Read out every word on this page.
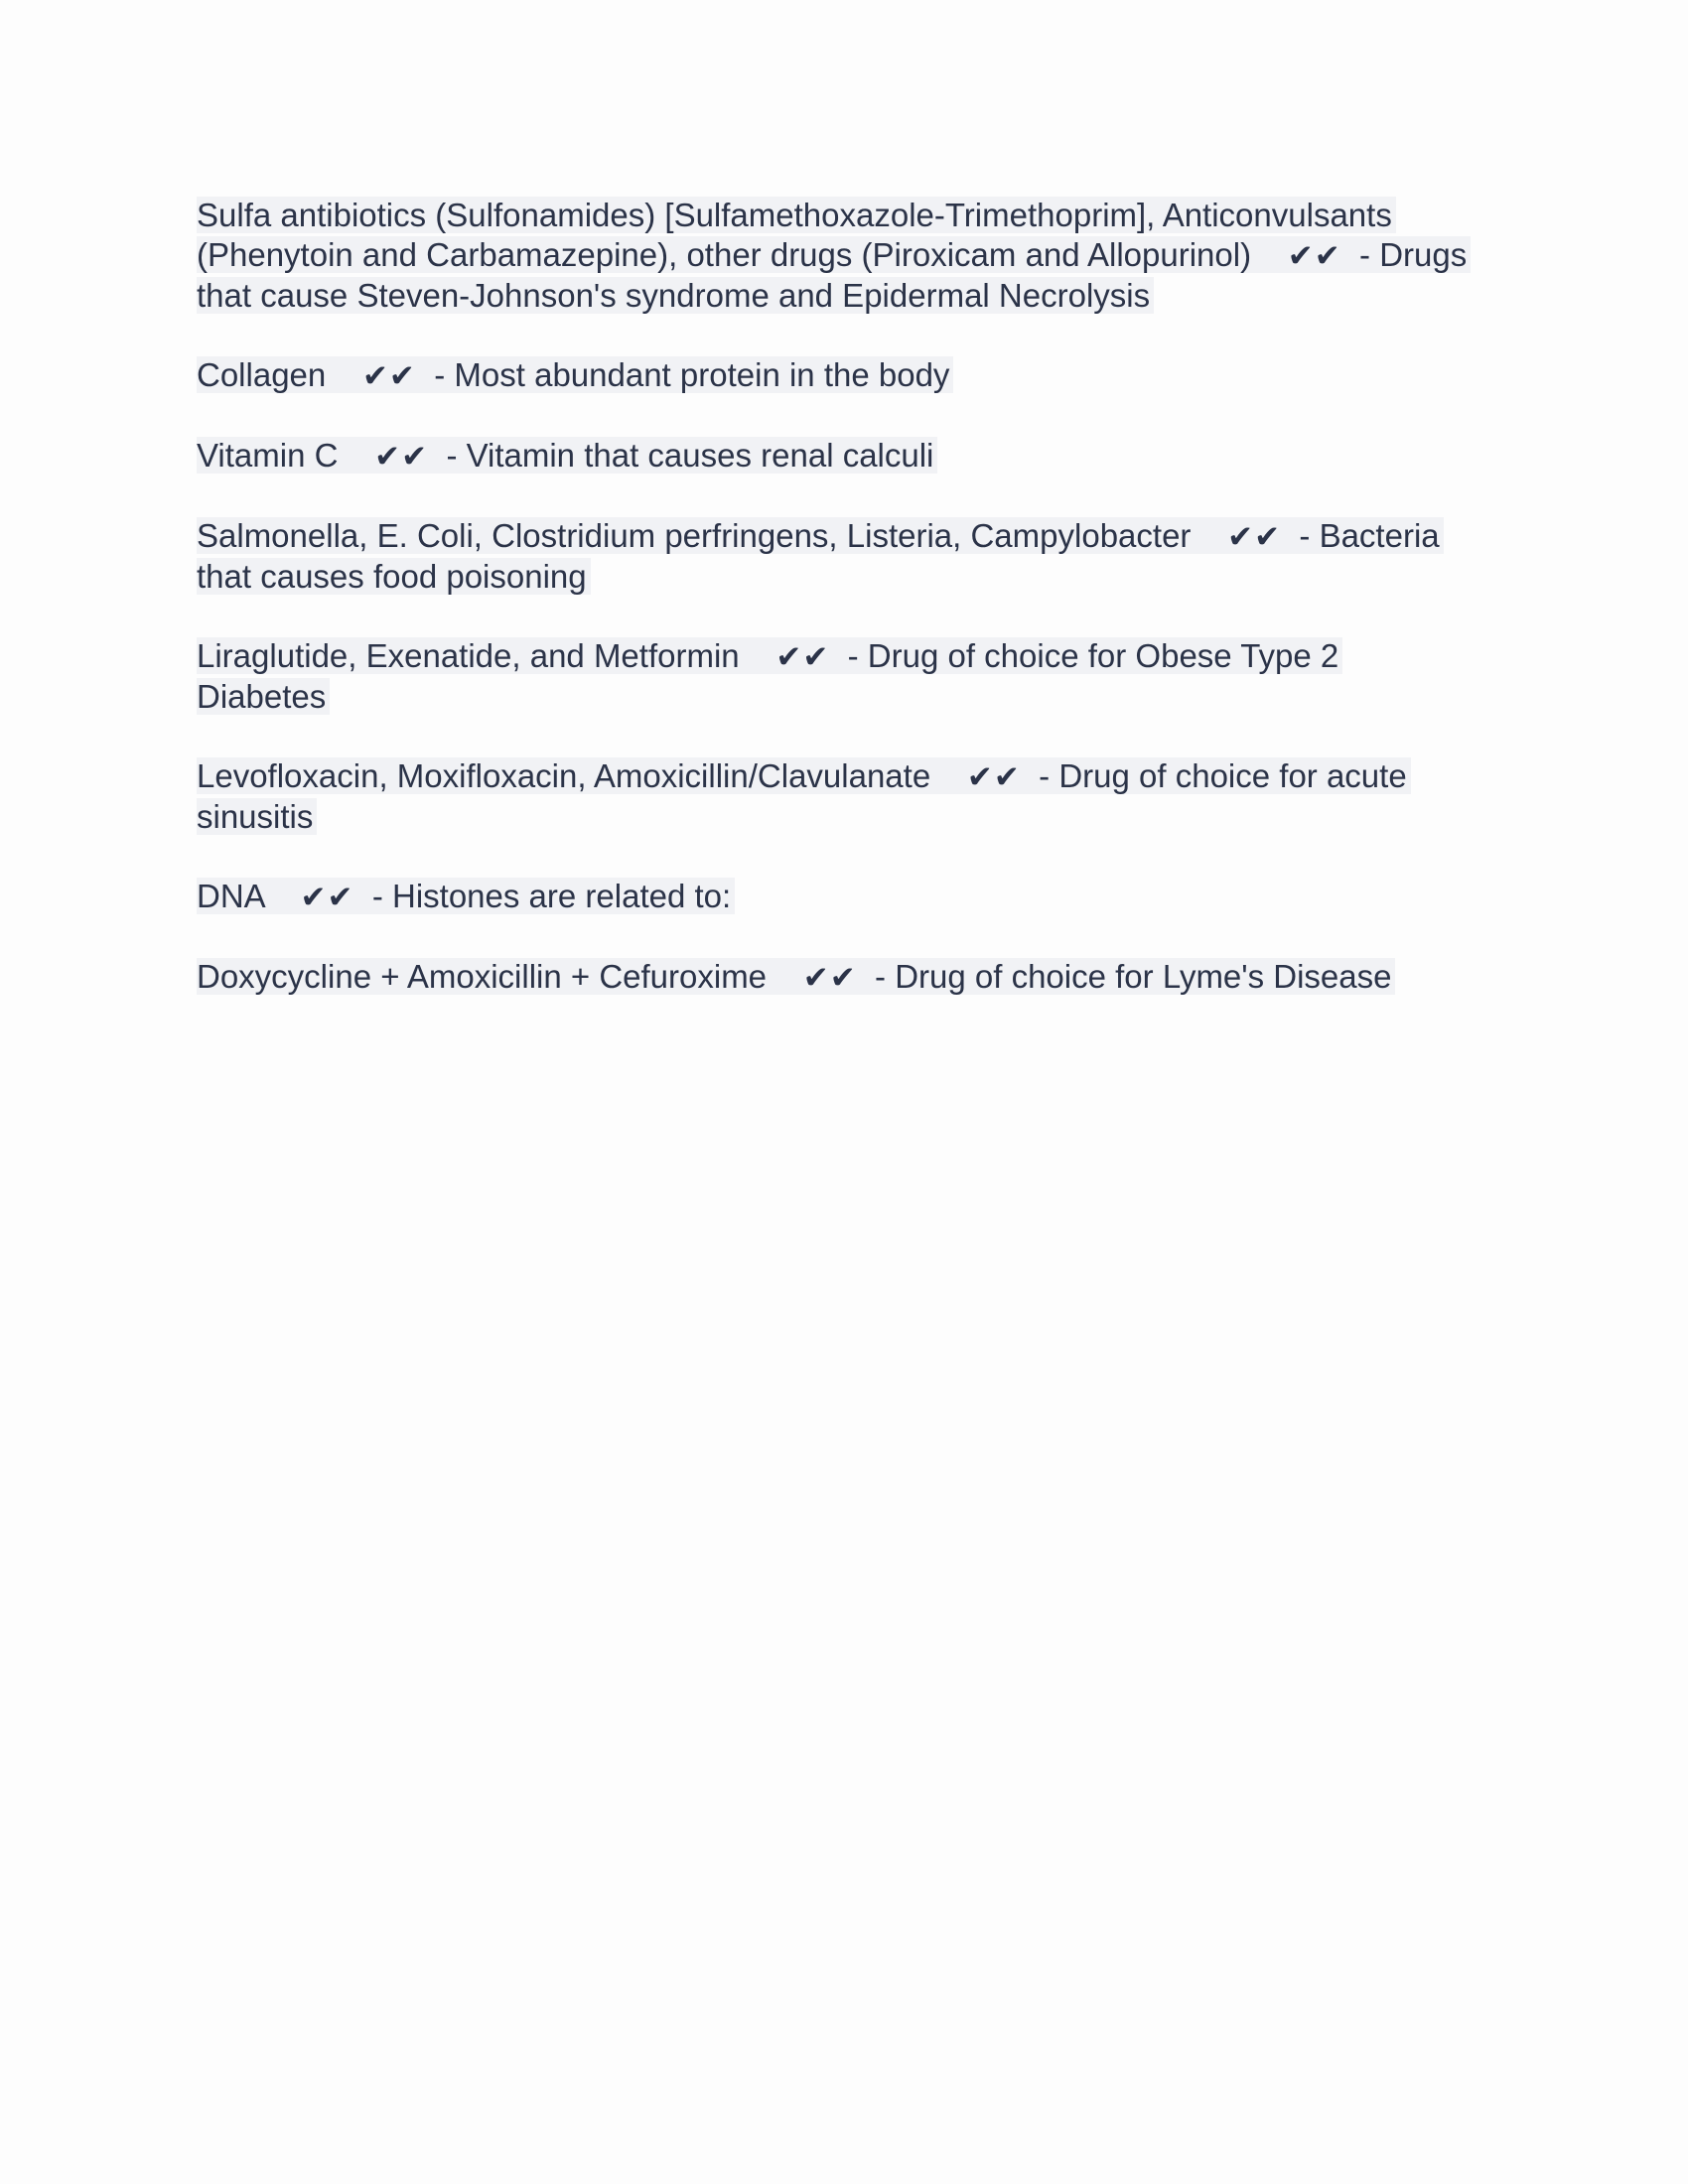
Sulfa antibiotics (Sulfonamides) [Sulfamethoxazole-Trimethoprim], Anticonvulsants (Phenytoin and Carbamazepine), other drugs (Piroxicam and Allopurinol) ✔✔ - Drugs that cause Steven-Johnson's syndrome and Epidermal Necrolysis

Collagen ✔✔ - Most abundant protein in the body

Vitamin C ✔✔ - Vitamin that causes renal calculi

Salmonella, E. Coli, Clostridium perfringens, Listeria, Campylobacter ✔✔ - Bacteria that causes food poisoning

Liraglutide, Exenatide, and Metformin ✔✔ - Drug of choice for Obese Type 2 Diabetes

Levofloxacin, Moxifloxacin, Amoxicillin/Clavulanate ✔✔ - Drug of choice for acute sinusitis

DNA ✔✔ - Histones are related to:

Doxycycline + Amoxicillin + Cefuroxime ✔✔ - Drug of choice for Lyme's Disease
